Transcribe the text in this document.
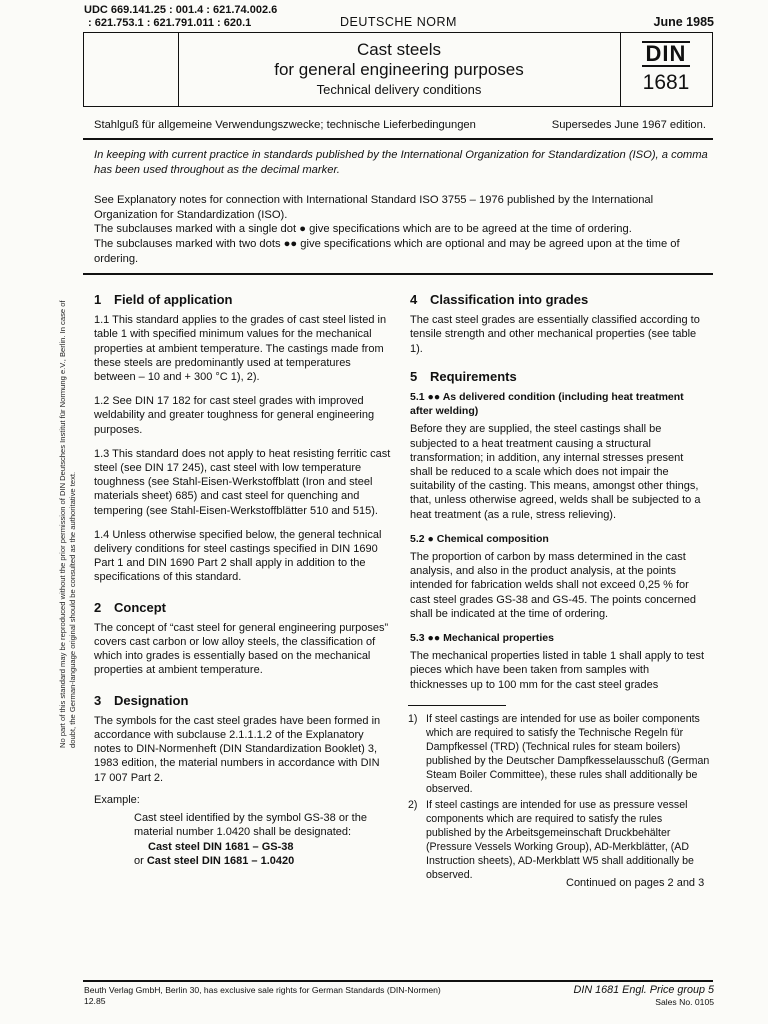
UDC 669.141.25 : 001.4 : 621.74.002.6
: 621.753.1 : 621.791.011 : 620.1	DEUTSCHE NORM	June 1985
Cast steels
for general engineering purposes
Technical delivery conditions
DIN
1681
Stahlguß für allgemeine Verwendungszwecke; technische Lieferbedingungen	Supersedes June 1967 edition.
In keeping with current practice in standards published by the International Organization for Standardization (ISO), a comma has been used throughout as the decimal marker.
See Explanatory notes for connection with International Standard ISO 3755 – 1976 published by the International Organization for Standardization (ISO).
The subclauses marked with a single dot ● give specifications which are to be agreed at the time of ordering.
The subclauses marked with two dots ●● give specifications which are optional and may be agreed upon at the time of ordering.
1 Field of application

1.1 This standard applies to the grades of cast steel listed in table 1 with specified minimum values for the mechanical properties at ambient temperature. The castings made from these steels are predominantly used at temperatures between – 10 and + 300 °C 1), 2).

1.2 See DIN 17 182 for cast steel grades with improved weldability and greater toughness for general engineering purposes.

1.3 This standard does not apply to heat resisting ferritic cast steel (see DIN 17 245), cast steel with low temperature toughness (see Stahl-Eisen-Werkstoffblatt (Iron and steel materials sheet) 685) and cast steel for quenching and tempering (see Stahl-Eisen-Werkstoffblätter 510 and 515).

1.4 Unless otherwise specified below, the general technical delivery conditions for steel castings specified in DIN 1690 Part 1 and DIN 1690 Part 2 shall apply in addition to the specifications of this standard.

2 Concept

The concept of “cast steel for general engineering purposes” covers cast carbon or low alloy steels, the classification of which into grades is essentially based on the mechanical properties at ambient temperature.

3 Designation

The symbols for the cast steel grades have been formed in accordance with subclause 2.1.1.1.2 of the Explanatory notes to DIN-Normenheft (DIN Standardization Booklet) 3, 1983 edition, the material numbers in accordance with DIN 17 007 Part 2.

Example:

Cast steel identified by the symbol GS-38 or the material number 1.0420 shall be designated:

Cast steel DIN 1681 – GS-38

or Cast steel DIN 1681 – 1.0420

4 Classification into grades

The cast steel grades are essentially classified according to tensile strength and other mechanical properties (see table 1).

5 Requirements
5.1 ●● As delivered condition (including heat treatment after welding)

Before they are supplied, the steel castings shall be subjected to a heat treatment causing a structural transformation; in addition, any internal stresses present shall be reduced to a scale which does not impair the suitability of the casting. This means, amongst other things, that, unless otherwise agreed, welds shall be subjected to a heat treatment (as a rule, stress relieving).

5.2 ● Chemical composition

The proportion of carbon by mass determined in the cast analysis, and also in the product analysis, at the points intended for fabrication welds shall not exceed 0,25 % for cast steel grades GS-38 and GS-45. The points concerned shall be indicated at the time of ordering.

5.3 ●● Mechanical properties

The mechanical properties listed in table 1 shall apply to test pieces which have been taken from samples with thicknesses up to 100 mm for the cast steel grades

1) If steel castings are intended for use as boiler components which are required to satisfy the Technische Regeln für Dampfkessel (TRD) (Technical rules for steam boilers) published by the Deutscher Dampfkesselausschuß (German Steam Boiler Committee), these rules shall additionally be observed.
2) If steel castings are intended for use as pressure vessel components which are required to satisfy the rules published by the Arbeitsgemeinschaft Druckbehälter (Pressure Vessels Working Group), AD-Merkblätter, (AD Instruction sheets), AD-Merkblatt W5 shall additionally be observed.
Continued on pages 2 and 3
No part of this standard may be reproduced without the prior permission of DIN Deutsches Institut für Normung e.V., Berlin. In case of doubt, the German-language original should be consulted as the authoritative text.
Beuth Verlag GmbH, Berlin 30, has exclusive sale rights for German Standards (DIN-Normen)
12.85
DIN 1681 Engl. Price group 5
Sales No. 0105
